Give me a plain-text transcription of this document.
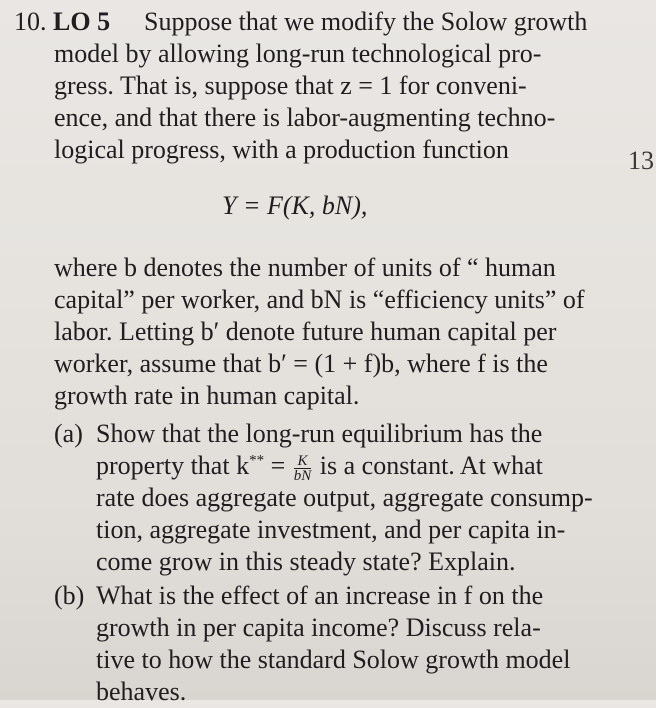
10. LO 5	Suppose that we modify the Solow growth
model by allowing long-run technological pro-
gress. That is, suppose that z = 1 for conveni-
ence, and that there is labor-augmenting techno-
logical progress, with a production function	13
Y = F(K, bN),
where b denotes the number of units of “ human
capital” per worker, and bN is “efficiency units” of
labor. Letting b′ denote future human capital per
worker, assume that b′ = (1 + f)b, where f is the
growth rate in human capital.
(a) Show that the long-run equilibrium has the
property that $k^{**} = \frac{K}{bN}$ is a constant. At what
rate does aggregate output, aggregate consump-
tion, aggregate investment, and per capita in-
come grow in this steady state? Explain.
(b) What is the effect of an increase in f on the
growth in per capita income? Discuss rela-
tive to how the standard Solow growth model
behaves.
